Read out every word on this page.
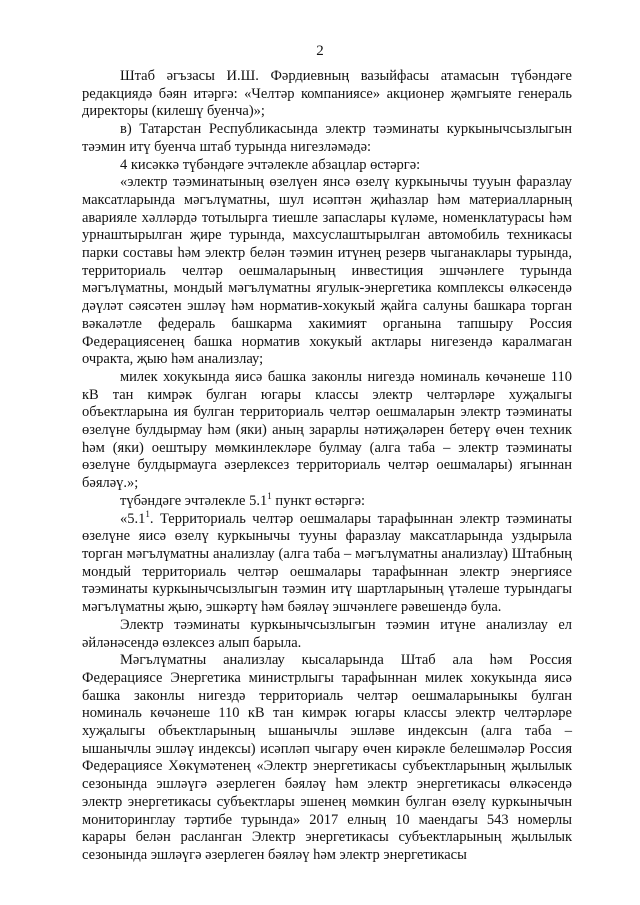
2

Штаб әгъзасы И.Ш. Фәрдиевның вазыйфасы атамасын түбәндәге редакциядә бәян итәргә: «Челтәр компаниясе» акционер җәмгыяте генераль директоры (килешү буенча)»;

в) Татарстан Республикасында электр тәэминаты куркынычсызлыгын тәэмин итү буенча штаб турында нигезләмәдә:

4 кисәккә түбәндәге эчтәлекле абзацлар өстәргә:

«электр тәэминатының өзелүен янсә өзелү куркынычы тууын фаразлау максатларында мәгълүматны, шул исәптән җиһазлар һәм материалларның аварияле хәлләрдә тотылырга тиешле запаслары күләме, номенклатурасы һәм урнаштырылган җире турында, махсуслаштырылган автомобиль техникасы парки составы һәм электр белән тәэмин итүнең резерв чыганаклары турында, территориаль челтәр оешмаларының инвестиция эшчәнлеге турында мәгълүматны, мондый мәгълүматны ягулык-энергетика комплексы өлкәсендә дәүләт сәясәтен эшләү һәм норматив-хокукый җайга салуны башкара торган вәкаләтле федераль башкарма хакимият органына тапшыру Россия Федерациясенең башка норматив хокукый актлары нигезендә каралмаган очракта, җыю һәм анализлау;

милек хокукында яисә башка законлы нигездә номиналь көчәнеше 110 кВ тан кимрәк булган югары классы электр челтәрләре хуҗалыгы объектларына ия булган территориаль челтәр оешмаларын электр тәэминаты өзелүне булдырмау һәм (яки) аның зарарлы нәтиҗәләрен бетерү өчен техник һәм (яки) оештыру мөмкинлекләре булмау (алга таба – электр тәэминаты өзелүне булдырмауга әзерлексез территориаль челтәр оешмалары) ягыннан бәяләү.»;

түбәндәге эчтәлекле $5.1^1$ пункт өстәргә:

«$5.1^1$. Территориаль челтәр оешмалары тарафыннан электр тәэминаты өзелүне яисә өзелү куркынычы тууны фаразлау максатларында уздырыла торган мәгълүматны анализлау (алга таба – мәгълүматны анализлау) Штабның мондый территориаль челтәр оешмалары тарафыннан электр энергиясе тәэминаты куркынычсызлыгын тәэмин итү шартларының үтәлеше турындагы мәгълүматны җыю, эшкәртү һәм бәяләү эшчәнлеге рәвешендә була.

Электр тәэминаты куркынычсызлыгын тәэмин итүне анализлау ел әйләнәсендә өзлексез алып барыла.

Мәгълүматны анализлау кысаларында Штаб ала һәм Россия Федерациясе Энергетика министрлыгы тарафыннан милек хокукында яисә башка законлы нигездә территориаль челтәр оешмаларыныкы булган номиналь көчәнеше 110 кВ тан кимрәк югары классы электр челтәрләре хуҗалыгы объектларының ышанычлы эшләве индексын (алга таба – ышанычлы эшләү индексы) исәпләп чыгару өчен кирәкле белешмәләр Россия Федерациясе Хөкүмәтенең «Электр энергетикасы субъектларының җылылык сезонында эшләүгә әзерлеген бәяләү һәм электр энергетикасы өлкәсендә электр энергетикасы субъектлары эшенең мөмкин булган өзелү куркынычын мониторинглау тәртибе турында» 2017 елның 10 маендагы 543 номерлы карары белән расланган Электр энергетикасы субъектларының җылылык сезонында эшләүгә әзерлеген бәяләү һәм электр энергетикасы
